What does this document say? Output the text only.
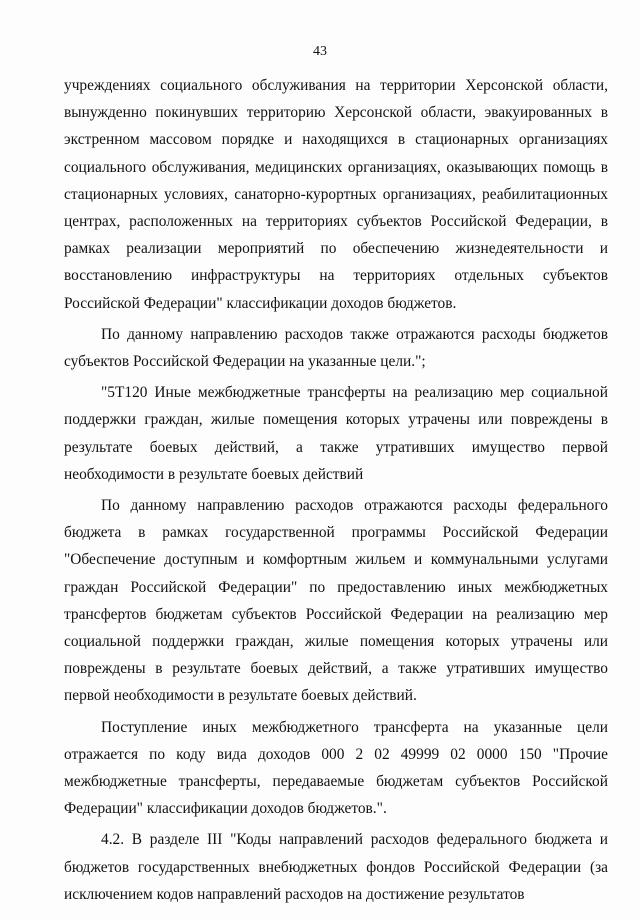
43

учреждениях социального обслуживания на территории Херсонской области, вынужденно покинувших территорию Херсонской области, эвакуированных в экстренном массовом порядке и находящихся в стационарных организациях социального обслуживания, медицинских организациях, оказывающих помощь в стационарных условиях, санаторно-курортных организациях, реабилитационных центрах, расположенных на территориях субъектов Российской Федерации, в рамках реализации мероприятий по обеспечению жизнедеятельности и восстановлению инфраструктуры на территориях отдельных субъектов Российской Федерации" классификации доходов бюджетов.

По данному направлению расходов также отражаются расходы бюджетов субъектов Российской Федерации на указанные цели.";

"5Т120 Иные межбюджетные трансферты на реализацию мер социальной поддержки граждан, жилые помещения которых утрачены или повреждены в результате боевых действий, а также утративших имущество первой необходимости в результате боевых действий

По данному направлению расходов отражаются расходы федерального бюджета в рамках государственной программы Российской Федерации "Обеспечение доступным и комфортным жильем и коммунальными услугами граждан Российской Федерации" по предоставлению иных межбюджетных трансфертов бюджетам субъектов Российской Федерации на реализацию мер социальной поддержки граждан, жилые помещения которых утрачены или повреждены в результате боевых действий, а также утративших имущество первой необходимости в результате боевых действий.

Поступление иных межбюджетного трансферта на указанные цели отражается по коду вида доходов 000 2 02 49999 02 0000 150 "Прочие межбюджетные трансферты, передаваемые бюджетам субъектов Российской Федерации" классификации доходов бюджетов.".

4.2. В разделе III "Коды направлений расходов федерального бюджета и бюджетов государственных внебюджетных фондов Российской Федерации (за исключением кодов направлений расходов на достижение результатов
